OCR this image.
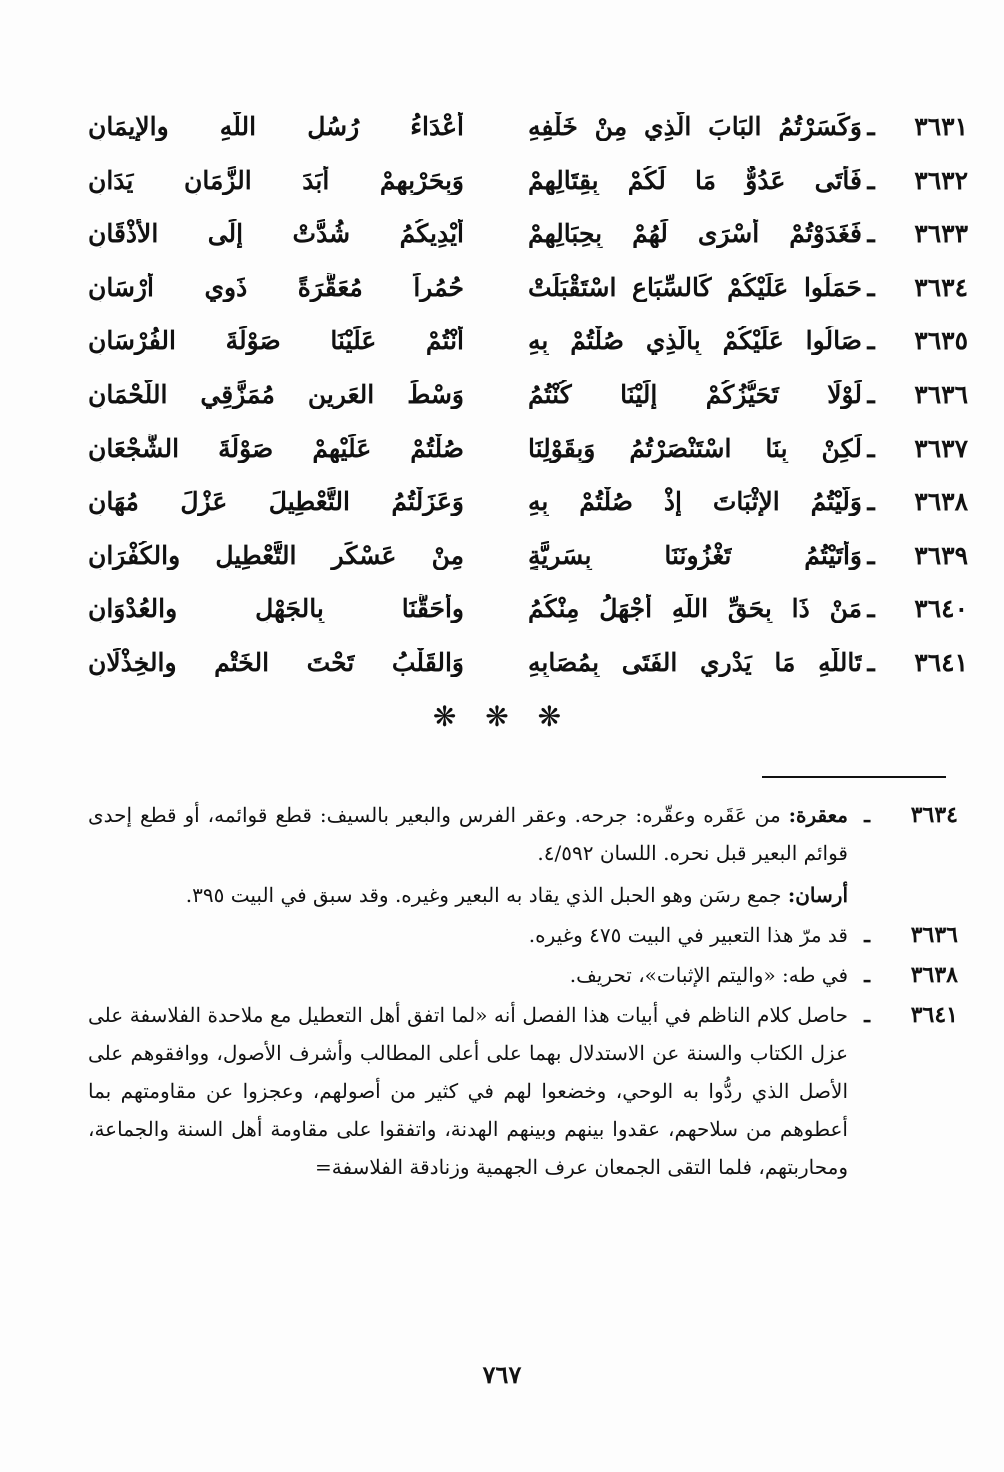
٣٦٣١
ـ
وَكَسَرْتُمُ البَابَ الَّذِي مِنْ خَلْفِهِ
أَعْدَاءُ رُسُلِ اللَّهِ والإِيمَانِ
٣٦٣٢
ـ
فَأَتَى عَدُوٌّ مَا لَكُمْ بِقِتَالِهِمْ
وَبِحَرْبِهِمْ أَبَدَ الزَّمَانِ يَدَانِ
٣٦٣٣
ـ
فَغَدَوْتُمْ أَسْرَى لَهُمْ بِحِبَالِهِمْ
أَيْدِيكُمُ شُدَّتْ إِلَى الأَذْقَانِ
٣٦٣٤
ـ
حَمَلُوا عَلَيْكُمْ كَالسِّبَاعِ اسْتَقْبَلَتْ
حُمُراً مُعَقَّرَةً ذَوِي أَرْسَانِ
٣٦٣٥
ـ
صَالُوا عَلَيْكُمْ بِالَّذِي صُلْتُمْ بِهِ
أَنْتُمْ عَلَيْنَا صَوْلَةَ الفُرْسَانِ
٣٦٣٦
ـ
لَوْلَا تَحَيُّزُكُمْ إِلَيْنَا كُنْتُمُ
وَسْطَ العَرِينِ مُمَزَّقِي اللُّحْمَانِ
٣٦٣٧
ـ
لَكِنْ بِنَا اسْتَنْصَرْتُمُ وَبِقَوْلِنَا
صُلْتُمْ عَلَيْهِمْ صَوْلَةَ الشُّجْعَانِ
٣٦٣٨
ـ
وَلَّيْتُمُ الإِثْبَاتَ إِذْ صُلْتُمْ بِهِ
وَعَزَلْتُمُ التَّعْطِيلَ عَزْلَ مُهَانِ
٣٦٣٩
ـ
وَأَتَيْتُمُ تَغْزُونَنَا بِسَرِيَّةٍ
مِنْ عَسْكَرِ التَّعْطِيلِ والكُفْرَانِ
٣٦٤٠
ـ
مَنْ ذَا بِحَقِّ اللَّهِ أَجْهَلُ مِنْكُمُ
وأَحَقُّنَا بِالجَهْلِ والعُدْوَانِ
٣٦٤١
ـ
تَاللَّهِ مَا يَدْرِي الفَتَى بِمُصَابِهِ
وَالقَلْبُ تَحْتَ الخَتْمِ والخِذْلَانِ
❋ ❋ ❋
٣٦٣٤
ـ
معقرة: من عَقَره وعقّره: جرحه. وعقر الفرس والبعير بالسيف: قطع قوائمه، أو قطع إحدى قوائم البعير قبل نحره. اللسان ٤/٥٩٢.
أرسان: جمع رسَن وهو الحبل الذي يقاد به البعير وغيره. وقد سبق في البيت ٣٩٥.
٣٦٣٦
ـ
قد مرّ هذا التعبير في البيت ٤٧٥ وغيره.
٣٦٣٨
ـ
في طه: «واليتم الإثبات»، تحريف.
٣٦٤١
ـ
حاصل كلام الناظم في أبيات هذا الفصل أنه «لما اتفق أهل التعطيل مع ملاحدة الفلاسفة على عزل الكتاب والسنة عن الاستدلال بهما على أعلى المطالب وأشرف الأصول، ووافقوهم على الأصل الذي ردُّوا به الوحي، وخضعوا لهم في كثير من أصولهم، وعجزوا عن مقاومتهم بما أعطوهم من سلاحهم، عقدوا بينهم وبينهم الهدنة، واتفقوا على مقاومة أهل السنة والجماعة، ومحاربتهم، فلما التقى الجمعان عرف الجهمية وزنادقة الفلاسفة=
٧٦٧
